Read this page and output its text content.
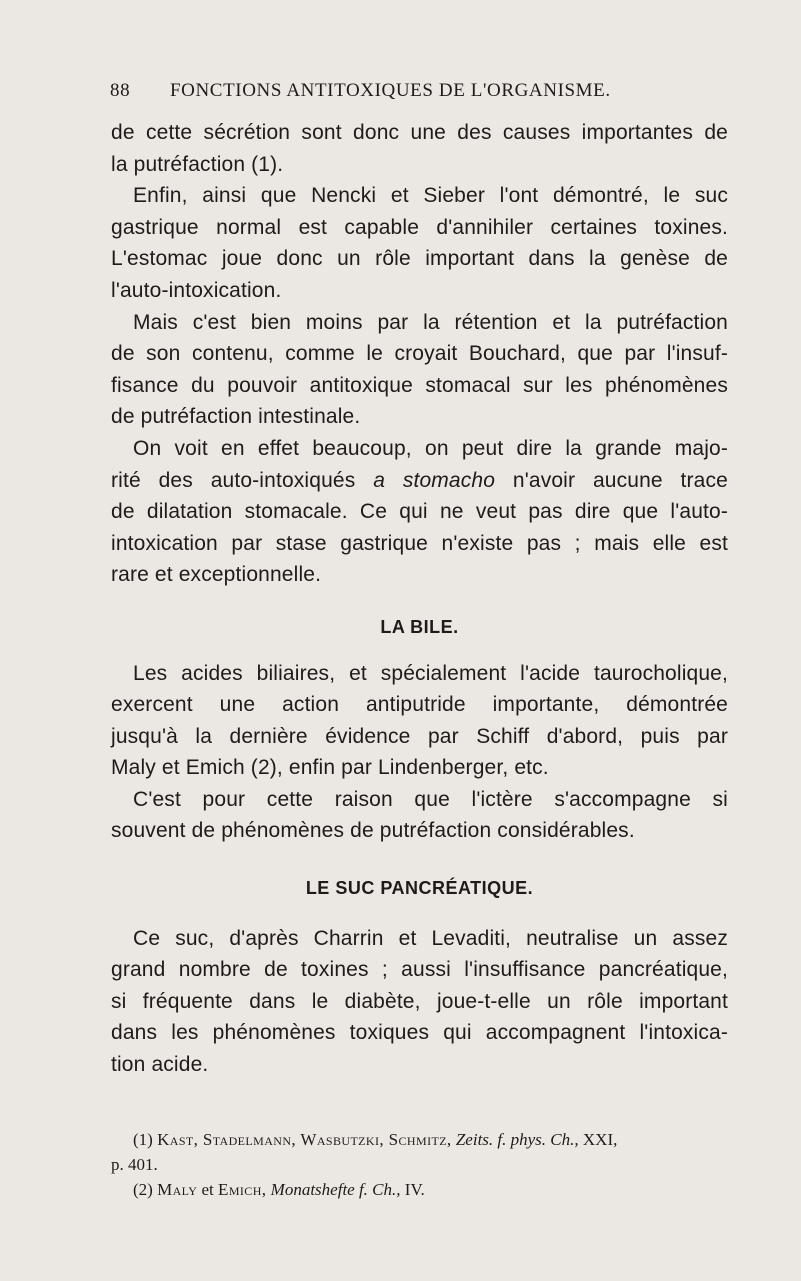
88 FONCTIONS ANTITOXIQUES DE L'ORGANISME.
de cette sécrétion sont donc une des causes importantes de
la putréfaction (1).
Enfin, ainsi que Nencki et Sieber l'ont démontré, le suc
gastrique normal est capable d'annihiler certaines toxines.
L'estomac joue donc un rôle important dans la genèse de
l'auto-intoxication.
Mais c'est bien moins par la rétention et la putréfaction
de son contenu, comme le croyait Bouchard, que par l'insuf-
fisance du pouvoir antitoxique stomacal sur les phénomènes
de putréfaction intestinale.
On voit en effet beaucoup, on peut dire la grande majo-
rité des auto-intoxiqués a stomacho n'avoir aucune trace
de dilatation stomacale. Ce qui ne veut pas dire que l'auto-
intoxication par stase gastrique n'existe pas ; mais elle est
rare et exceptionnelle.
LA BILE.
Les acides biliaires, et spécialement l'acide taurocholique,
exercent une action antiputride importante, démontrée
jusqu'à la dernière évidence par Schiff d'abord, puis par
Maly et Emich (2), enfin par Lindenberger, etc.
C'est pour cette raison que l'ictère s'accompagne si
souvent de phénomènes de putréfaction considérables.
LE SUC PANCRÉATIQUE.
Ce suc, d'après Charrin et Levaditi, neutralise un assez
grand nombre de toxines ; aussi l'insuffisance pancréatique,
si fréquente dans le diabète, joue-t-elle un rôle important
dans les phénomènes toxiques qui accompagnent l'intoxica-
tion acide.
(1) Kast, Stadelmann, Wasbutzki, Schmitz, Zeits. f. phys. Ch., XXI,
p. 401.
(2) Maly et Emich, Monatshefte f. Ch., IV.
